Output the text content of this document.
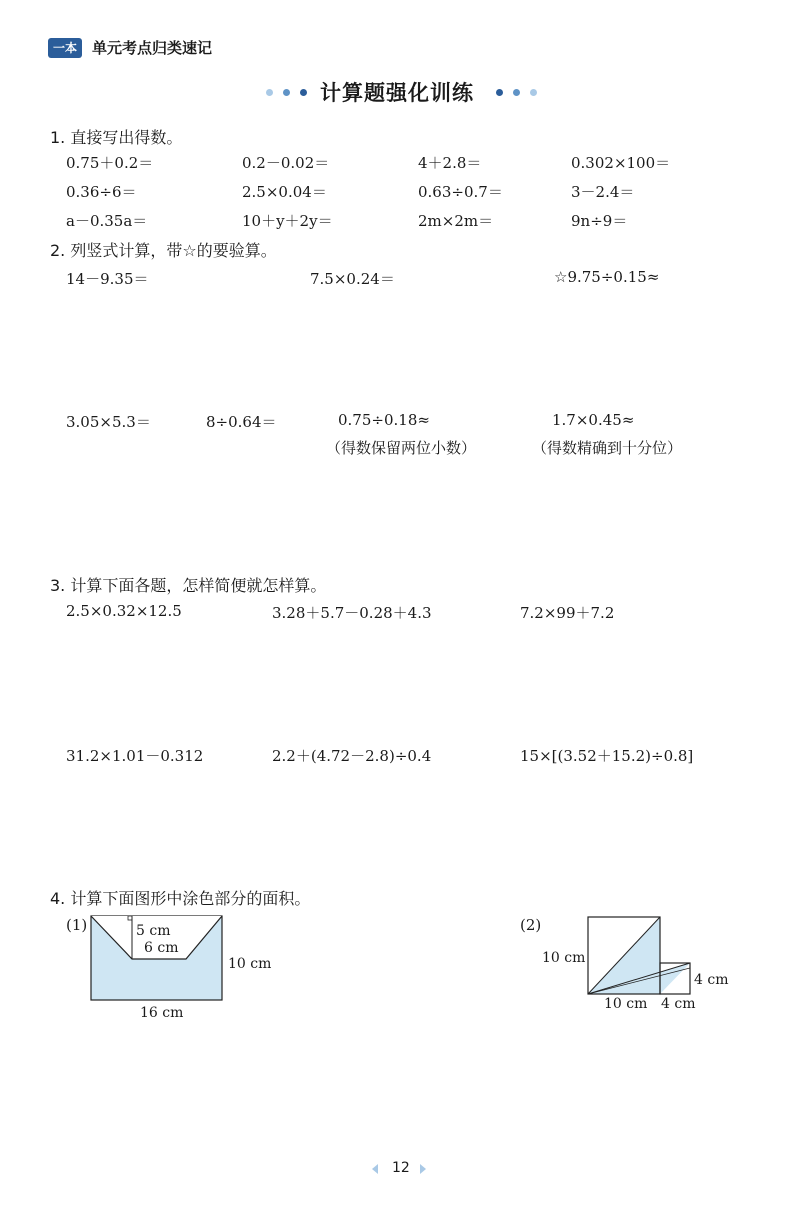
一本	单元考点归类速记
计算题强化训练
1. 直接写出得数。
0.75＋0.2＝	0.2－0.02＝	4＋2.8＝	0.302×100＝
0.36÷6＝	2.5×0.04＝	0.63÷0.7＝	3－2.4＝
a－0.35a＝	10＋y＋2y＝	2m×2m＝	9n÷9＝
2. 列竖式计算，带☆的要验算。
14－9.35＝	7.5×0.24＝	☆9.75÷0.15≈
3.05×5.3＝	8÷0.64＝	0.75÷0.18≈	1.7×0.45≈
（得数保留两位小数）	（得数精确到十分位）
3. 计算下面各题，怎样简便就怎样算。
2.5×0.32×12.5	3.28＋5.7－0.28＋4.3	7.2×99＋7.2
31.2×1.01－0.312	2.2＋(4.72－2.8)÷0.4	15×[(3.52＋15.2)÷0.8]
4. 计算下面图形中涂色部分的面积。
(1)	5 cm
6 cm
10 cm
16 cm
(2)
10 cm
10 cm
4 cm
4 cm
12
